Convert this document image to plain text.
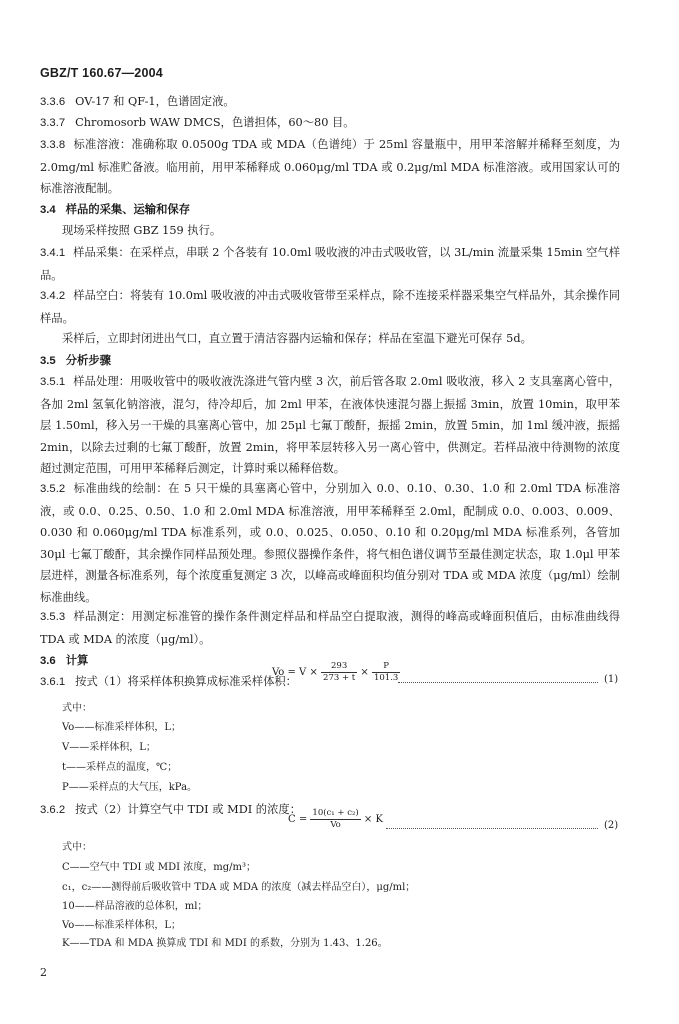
GBZ/T 160.67—2004
3.3.6 OV-17 和 QF-1，色谱固定液。
3.3.7 Chromosorb WAW DMCS，色谱担体，60～80 目。
3.3.8 标准溶液：准确称取 0.0500g TDA 或 MDA（色谱纯）于 25ml 容量瓶中，用甲苯溶解并稀释至刻度，为 2.0mg/ml 标准贮备液。临用前，用甲苯稀释成 0.060μg/ml TDA 或 0.2μg/ml MDA 标准溶液。或用国家认可的标准溶液配制。
3.4 样品的采集、运输和保存
现场采样按照 GBZ 159 执行。
3.4.1 样品采集：在采样点，串联 2 个各装有 10.0ml 吸收液的冲击式吸收管，以 3L/min 流量采集 15min 空气样品。
3.4.2 样品空白：将装有 10.0ml 吸收液的冲击式吸收管带至采样点，除不连接采样器采集空气样品外，其余操作同样品。
采样后，立即封闭进出气口，直立置于清洁容器内运输和保存；样品在室温下避光可保存 5d。
3.5 分析步骤
3.5.1 样品处理：用吸收管中的吸收液洗涤进气管内壁 3 次，前后管各取 2.0ml 吸收液，移入 2 支具塞离心管中，各加 2ml 氢氧化钠溶液，混匀，待冷却后，加 2ml 甲苯，在液体快速混匀器上振摇 3min，放置 10min，取甲苯层 1.50ml，移入另一干燥的具塞离心管中，加 25μl 七氟丁酸酐，振摇 2min，放置 5min，加 1ml 缓冲液，振摇 2min，以除去过剩的七氟丁酸酐，放置 2min，将甲苯层转移入另一离心管中，供测定。若样品液中待测物的浓度超过测定范围，可用甲苯稀释后测定，计算时乘以稀释倍数。
3.5.2 标准曲线的绘制：在 5 只干燥的具塞离心管中，分别加入 0.0、0.10、0.30、1.0 和 2.0ml TDA 标准溶液，或 0.0、0.25、0.50、1.0 和 2.0ml MDA 标准溶液，用甲苯稀释至 2.0ml，配制成 0.0、0.003、0.009、0.030 和 0.060μg/ml TDA 标准系列，或 0.0、0.025、0.050、0.10 和 0.20μg/ml MDA 标准系列，各管加 30μl 七氟丁酸酐，其余操作同样品预处理。参照仪器操作条件，将气相色谱仪调节至最佳测定状态，取 1.0μl 甲苯层进样，测量各标准系列，每个浓度重复测定 3 次，以峰高或峰面积均值分别对 TDA 或 MDA 浓度（μg/ml）绘制标准曲线。
3.5.3 样品测定：用测定标准管的操作条件测定样品和样品空白提取液，测得的峰高或峰面积值后，由标准曲线得 TDA 或 MDA 的浓度（μg/ml）。
3.6 计算
3.6.1 按式（1）将采样体积换算成标准采样体积：
$Vo = V \times \frac{293}{273 + t} \times \frac{P}{101.3}$	(1)
式中：
Vo——标准采样体积，L；
V——采样体积，L；
t——采样点的温度，℃；
P——采样点的大气压，kPa。
3.6.2 按式（2）计算空气中 TDI 或 MDI 的浓度：
$C = \frac{\text{10(c₁ + c₂)}}{Vo} \times K$
(2)
式中：
C——空气中 TDI 或 MDI 浓度，mg/m³；
c₁，c₂——测得前后吸收管中 TDA 或 MDA 的浓度（减去样品空白），μg/ml；
10——样品溶液的总体积，ml；
Vo——标准采样体积，L；
K——TDA 和 MDA 换算成 TDI 和 MDI 的系数，分别为 1.43、1.26。
2
